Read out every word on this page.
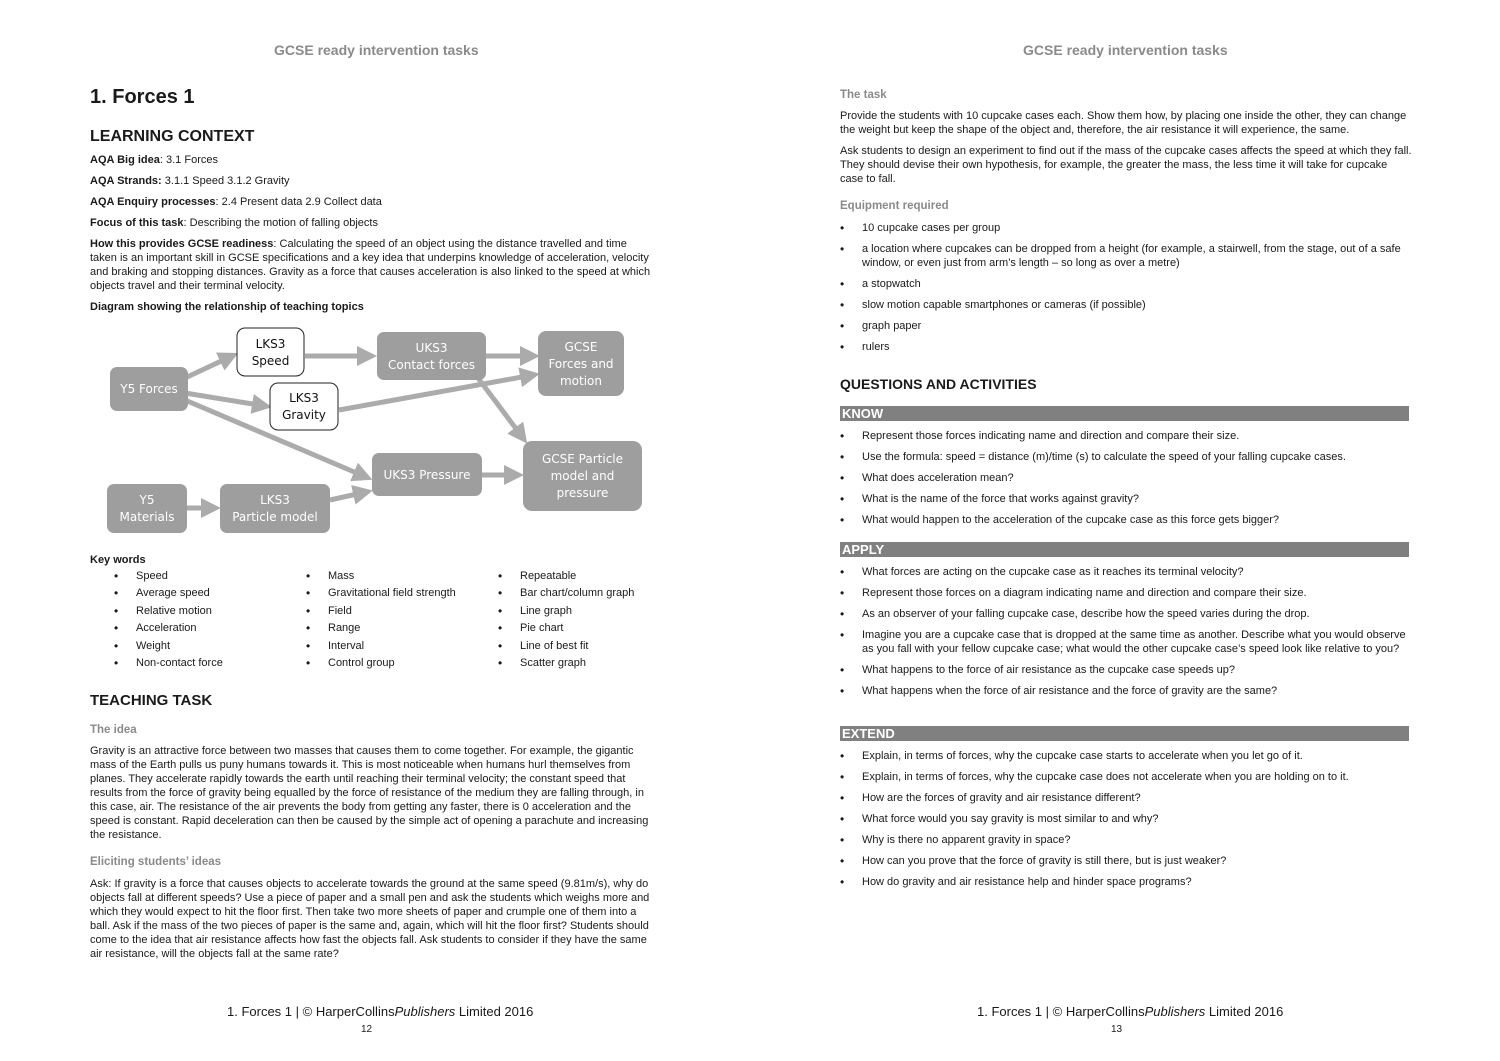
GCSE ready intervention tasks
1. Forces 1
LEARNING CONTEXT
AQA Big idea: 3.1 Forces
AQA Strands: 3.1.1 Speed 3.1.2 Gravity
AQA Enquiry processes: 2.4 Present data 2.9 Collect data
Focus of this task: Describing the motion of falling objects
How this provides GCSE readiness: Calculating the speed of an object using the distance travelled and time taken is an important skill in GCSE specifications and a key idea that underpins knowledge of acceleration, velocity and braking and stopping distances. Gravity as a force that causes acceleration is also linked to the speed at which objects travel and their terminal velocity.
Diagram showing the relationship of teaching topics
Y5 Forces
LKS3
Speed
LKS3
Gravity
UKS3
Contact forces
GCSE
Forces and
motion
UKS3 Pressure
GCSE Particle
model and
pressure
Y5
Materials
LKS3
Particle model
Key words
• Speed
• Average speed
• Relative motion
• Acceleration
• Weight
• Non-contact force
• Mass
• Gravitational field strength
• Field
• Range
• Interval
• Control group
• Repeatable
• Bar chart/column graph
• Line graph
• Pie chart
• Line of best fit
• Scatter graph
TEACHING TASK
The idea
Gravity is an attractive force between two masses that causes them to come together. For example, the gigantic mass of the Earth pulls us puny humans towards it. This is most noticeable when humans hurl themselves from planes. They accelerate rapidly towards the earth until reaching their terminal velocity; the constant speed that results from the force of gravity being equalled by the force of resistance of the medium they are falling through, in this case, air. The resistance of the air prevents the body from getting any faster, there is 0 acceleration and the speed is constant. Rapid deceleration can then be caused by the simple act of opening a parachute and increasing the resistance.
Eliciting students’ ideas
Ask: If gravity is a force that causes objects to accelerate towards the ground at the same speed (9.81m/s), why do objects fall at different speeds? Use a piece of paper and a small pen and ask the students which weighs more and which they would expect to hit the floor first. Then take two more sheets of paper and crumple one of them into a ball. Ask if the mass of the two pieces of paper is the same and, again, which will hit the floor first? Students should come to the idea that air resistance affects how fast the objects fall. Ask students to consider if they have the same air resistance, will the objects fall at the same rate?
1. Forces 1 | © HarperCollinsPublishers Limited 2016
12
GCSE ready intervention tasks
The task
Provide the students with 10 cupcake cases each. Show them how, by placing one inside the other, they can change the weight but keep the shape of the object and, therefore, the air resistance it will experience, the same.
Ask students to design an experiment to find out if the mass of the cupcake cases affects the speed at which they fall. They should devise their own hypothesis, for example, the greater the mass, the less time it will take for cupcake case to fall.
Equipment required
• 10 cupcake cases per group
• a location where cupcakes can be dropped from a height (for example, a stairwell, from the stage, out of a safe window, or even just from arm’s length – so long as over a metre)
• a stopwatch
• slow motion capable smartphones or cameras (if possible)
• graph paper
• rulers
QUESTIONS AND ACTIVITIES
KNOW
• Represent those forces indicating name and direction and compare their size.
• Use the formula: speed = distance (m)/time (s) to calculate the speed of your falling cupcake cases.
• What does acceleration mean?
• What is the name of the force that works against gravity?
• What would happen to the acceleration of the cupcake case as this force gets bigger?
APPLY
• What forces are acting on the cupcake case as it reaches its terminal velocity?
• Represent those forces on a diagram indicating name and direction and compare their size.
• As an observer of your falling cupcake case, describe how the speed varies during the drop.
• Imagine you are a cupcake case that is dropped at the same time as another. Describe what you would observe as you fall with your fellow cupcake case; what would the other cupcake case’s speed look like relative to you?
• What happens to the force of air resistance as the cupcake case speeds up?
• What happens when the force of air resistance and the force of gravity are the same?
EXTEND
• Explain, in terms of forces, why the cupcake case starts to accelerate when you let go of it.
• Explain, in terms of forces, why the cupcake case does not accelerate when you are holding on to it.
• How are the forces of gravity and air resistance different?
• What force would you say gravity is most similar to and why?
• Why is there no apparent gravity in space?
• How can you prove that the force of gravity is still there, but is just weaker?
• How do gravity and air resistance help and hinder space programs?
1. Forces 1 | © HarperCollinsPublishers Limited 2016
13
